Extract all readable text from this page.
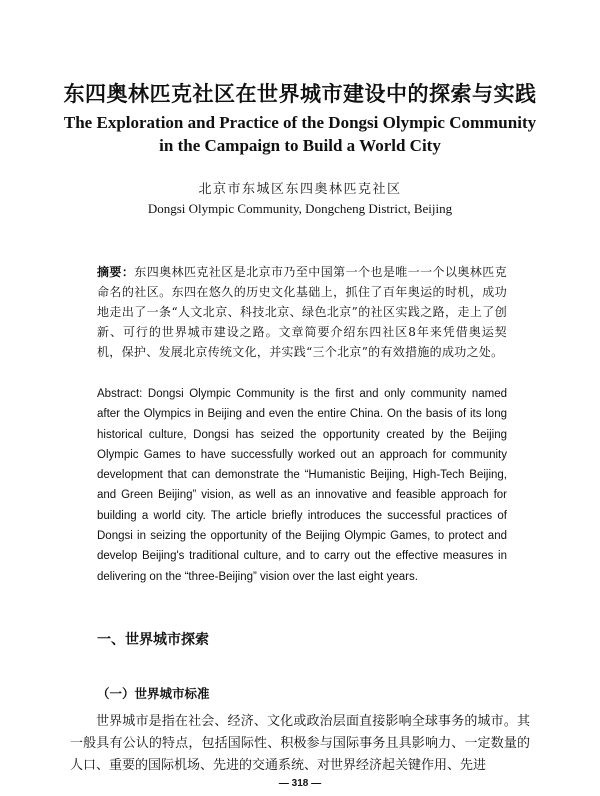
东四奥林匹克社区在世界城市建设中的探索与实践
The Exploration and Practice of the Dongsi Olympic Community in the Campaign to Build a World City
北京市东城区东四奥林匹克社区
Dongsi Olympic Community, Dongcheng District, Beijing
摘要：东四奥林匹克社区是北京市乃至中国第一个也是唯一一个以奥林匹克命名的社区。东四在悠久的历史文化基础上，抓住了百年奥运的时机，成功地走出了一条“人文北京、科技北京、绿色北京”的社区实践之路，走上了创新、可行的世界城市建设之路。文章简要介绍东四社区8年来凭借奥运契机，保护、发展北京传统文化，并实践“三个北京”的有效措施的成功之处。
Abstract: Dongsi Olympic Community is the first and only community named after the Olympics in Beijing and even the entire China. On the basis of its long historical culture, Dongsi has seized the opportunity created by the Beijing Olympic Games to have successfully worked out an approach for community development that can demonstrate the “Humanistic Beijing, High-Tech Beijing, and Green Beijing” vision, as well as an innovative and feasible approach for building a world city. The article briefly introduces the successful practices of Dongsi in seizing the opportunity of the Beijing Olympic Games, to protect and develop Beijing's traditional culture, and to carry out the effective measures in delivering on the “three-Beijing” vision over the last eight years.
一、世界城市探索
（一）世界城市标准
世界城市是指在社会、经济、文化或政治层面直接影响全球事务的城市。其一般具有公认的特点，包括国际性、积极参与国际事务且具影响力、一定数量的人口、重要的国际机场、先进的交通系统、对世界经济起关键作用、先进
— 318 —
